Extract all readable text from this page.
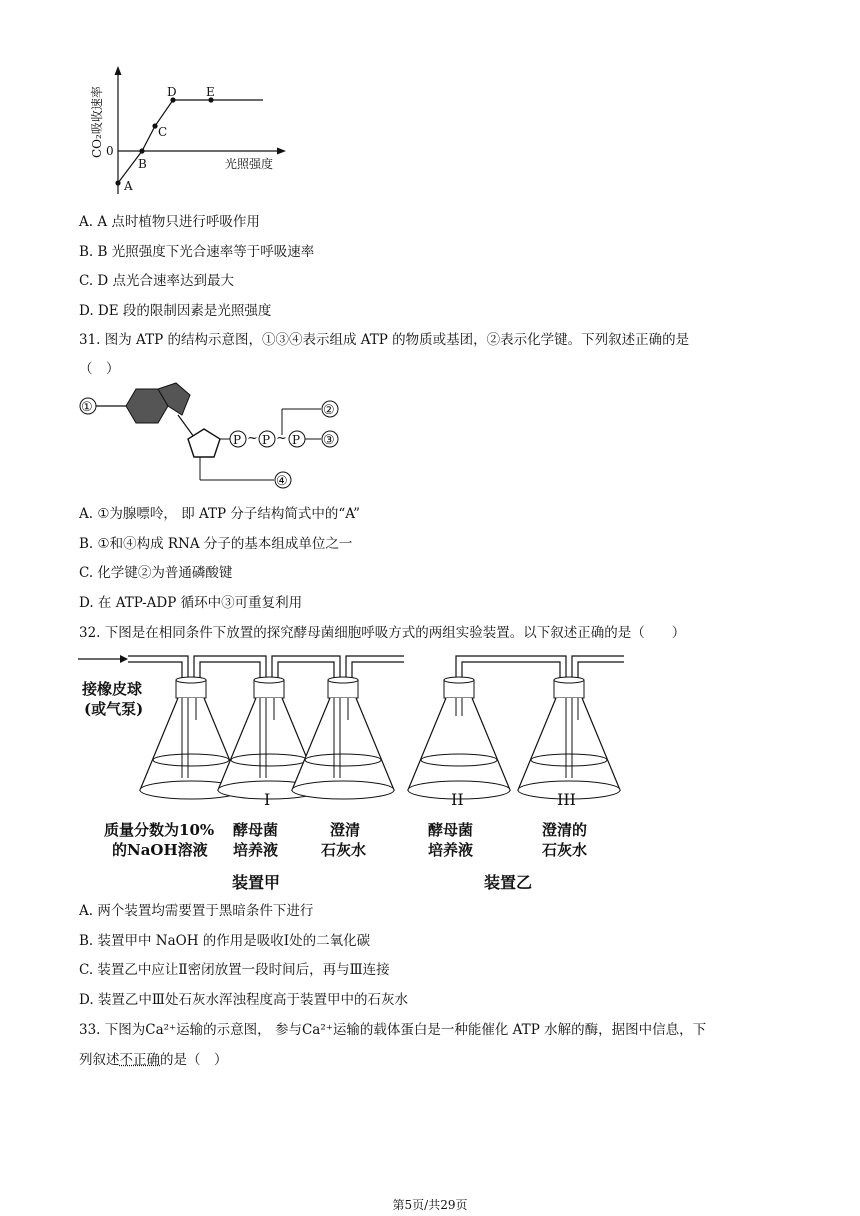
A
B
C
D E
0
光照强度
CO₂吸收速率
A. A 点时植物只进行呼吸作用
B. B 光照强度下光合速率等于呼吸速率
C. D 点光合速率达到最大
D. DE 段的限制因素是光照强度
31. 图为 ATP 的结构示意图，①③④表示组成 ATP 的物质或基团，②表示化学键。下列叙述正确的是
（　）
①
④
P ~ P ~ P
②
③
A. ①为腺嘌呤， 即 ATP 分子结构简式中的“A”
B. ①和④构成 RNA 分子的基本组成单位之一
C. 化学键②为普通磷酸键
D. 在 ATP-ADP 循环中③可重复利用
32. 下图是在相同条件下放置的探究酵母菌细胞呼吸方式的两组实验装置。以下叙述正确的是（　　）
接橡皮球
(或气泵)
I	II	III
质量分数为10%
的NaOH溶液
酵母菌
培养液
澄清
石灰水
酵母菌
培养液
澄清的
石灰水
装置甲	装置乙
A. 两个装置均需要置于黑暗条件下进行
B. 装置甲中 NaOH 的作用是吸收Ⅰ处的二氧化碳
C. 装置乙中应让Ⅱ密闭放置一段时间后，再与Ⅲ连接
D. 装置乙中Ⅲ处石灰水浑浊程度高于装置甲中的石灰水
33. 下图为Ca²⁺运输的示意图， 参与Ca²⁺运输的载体蛋白是一种能催化 ATP 水解的酶，据图中信息，下
列叙述不正确的是（　）
第5页/共29页
